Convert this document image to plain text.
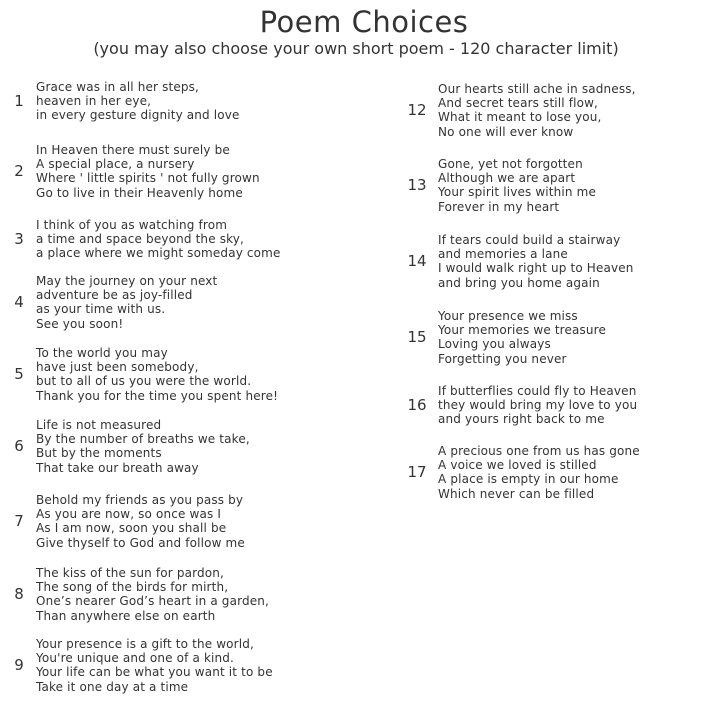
Poem Choices
(you may also choose your own short poem - 120 character limit)
1
Grace was in all her steps,
heaven in her eye,
in every gesture dignity and love
2
In Heaven there must surely be
A special place, a nursery
Where ' little spirits ' not fully grown
Go to live in their Heavenly home
3
I think of you as watching from
a time and space beyond the sky,
a place where we might someday come
4
May the journey on your next
adventure be as joy-filled
as your time with us.
See you soon!
5
To the world you may
have just been somebody,
but to all of us you were the world.
Thank you for the time you spent here!
6
Life is not measured
By the number of breaths we take,
But by the moments
That take our breath away
7
Behold my friends as you pass by
As you are now, so once was I
As I am now, soon you shall be
Give thyself to God and follow me
8
The kiss of the sun for pardon,
The song of the birds for mirth,
One’s nearer God’s heart in a garden,
Than anywhere else on earth
9
Your presence is a gift to the world,
You're unique and one of a kind.
Your life can be what you want it to be
Take it one day at a time
12
Our hearts still ache in sadness,
And secret tears still flow,
What it meant to lose you,
No one will ever know
13
Gone, yet not forgotten
Although we are apart
Your spirit lives within me
Forever in my heart
14
If tears could build a stairway
and memories a lane
I would walk right up to Heaven
and bring you home again
15
Your presence we miss
Your memories we treasure
Loving you always
Forgetting you never
16
If butterflies could fly to Heaven
they would bring my love to you
and yours right back to me
17
A precious one from us has gone
A voice we loved is stilled
A place is empty in our home
Which never can be filled
